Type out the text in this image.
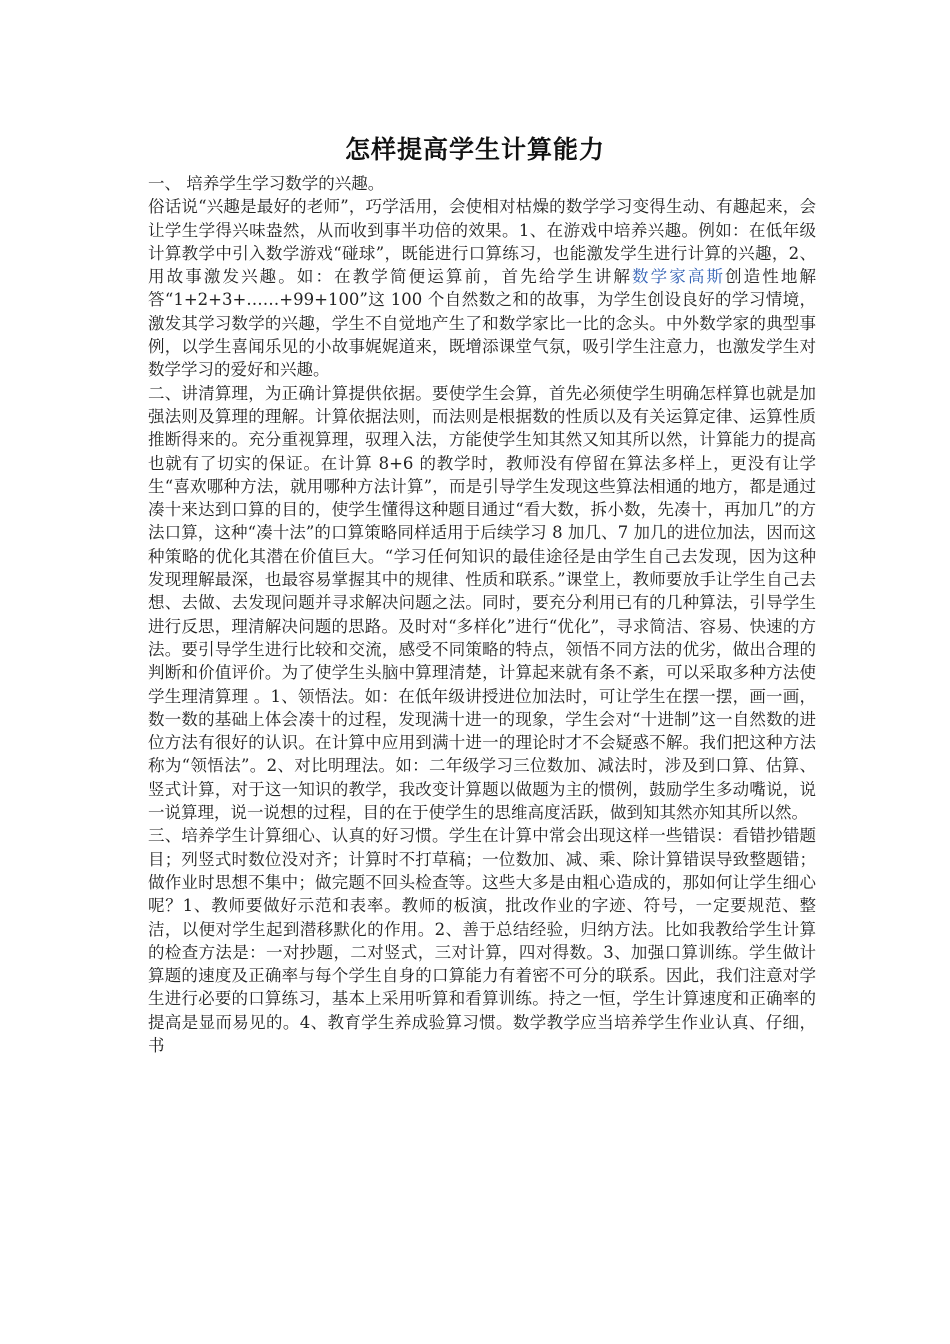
怎样提高学生计算能力

一、 培养学生学习数学的兴趣。

俗话说“兴趣是最好的老师”，巧学活用，会使相对枯燥的数学学习变得生动、有趣起来，会让学生学得兴味盎然，从而收到事半功倍的效果。1、在游戏中培养兴趣。例如：在低年级计算教学中引入数学游戏“碰球”，既能进行口算练习，也能激发学生进行计算的兴趣，2、用故事激发兴趣。如：在教学简便运算前，首先给学生讲解数学家高斯创造性地解答“1+2+3+……+99+100”这 100 个自然数之和的故事，为学生创设良好的学习情境，激发其学习数学的兴趣，学生不自觉地产生了和数学家比一比的念头。中外数学家的典型事例，以学生喜闻乐见的小故事娓娓道来，既增添课堂气氛，吸引学生注意力，也激发学生对数学学习的爱好和兴趣。

二、讲清算理，为正确计算提供依据。要使学生会算，首先必须使学生明确怎样算也就是加强法则及算理的理解。计算依据法则，而法则是根据数的性质以及有关运算定律、运算性质推断得来的。充分重视算理，驭理入法，方能使学生知其然又知其所以然，计算能力的提高也就有了切实的保证。在计算 8+6 的教学时，教师没有停留在算法多样上，更没有让学生“喜欢哪种方法，就用哪种方法计算”，而是引导学生发现这些算法相通的地方，都是通过凑十来达到口算的目的，使学生懂得这种题目通过“看大数，拆小数，先凑十，再加几”的方法口算，这种“凑十法”的口算策略同样适用于后续学习 8 加几、7 加几的进位加法，因而这种策略的优化其潜在价值巨大。“学习任何知识的最佳途径是由学生自己去发现，因为这种发现理解最深，也最容易掌握其中的规律、性质和联系。”课堂上，教师要放手让学生自己去想、去做、去发现问题并寻求解决问题之法。同时，要充分利用已有的几种算法，引导学生进行反思，理清解决问题的思路。及时对“多样化”进行“优化”，寻求简洁、容易、快速的方法。要引导学生进行比较和交流，感受不同策略的特点，领悟不同方法的优劣，做出合理的判断和价值评价。为了使学生头脑中算理清楚，计算起来就有条不紊，可以采取多种方法使学生理清算理 。1、领悟法。如：在低年级讲授进位加法时，可让学生在摆一摆，画一画，数一数的基础上体会凑十的过程，发现满十进一的现象，学生会对“十进制”这一自然数的进位方法有很好的认识。在计算中应用到满十进一的理论时才不会疑惑不解。我们把这种方法称为“领悟法”。2、对比明理法。如：二年级学习三位数加、减法时，涉及到口算、估算、竖式计算，对于这一知识的教学，我改变计算题以做题为主的惯例，鼓励学生多动嘴说，说一说算理，说一说想的过程，目的在于使学生的思维高度活跃，做到知其然亦知其所以然。

三、培养学生计算细心、认真的好习惯。学生在计算中常会出现这样一些错误：看错抄错题目；列竖式时数位没对齐；计算时不打草稿；一位数加、减、乘、除计算错误导致整题错；做作业时思想不集中；做完题不回头检查等。这些大多是由粗心造成的，那如何让学生细心呢？1、教师要做好示范和表率。教师的板演，批改作业的字迹、符号，一定要规范、整洁，以便对学生起到潜移默化的作用。2、善于总结经验，归纳方法。比如我教给学生计算的检查方法是：一对抄题，二对竖式，三对计算，四对得数。3、加强口算训练。学生做计算题的速度及正确率与每个学生自身的口算能力有着密不可分的联系。因此，我们注意对学生进行必要的口算练习，基本上采用听算和看算训练。持之一恒，学生计算速度和正确率的提高是显而易见的。4、教育学生养成验算习惯。数学教学应当培养学生作业认真、仔细，书
